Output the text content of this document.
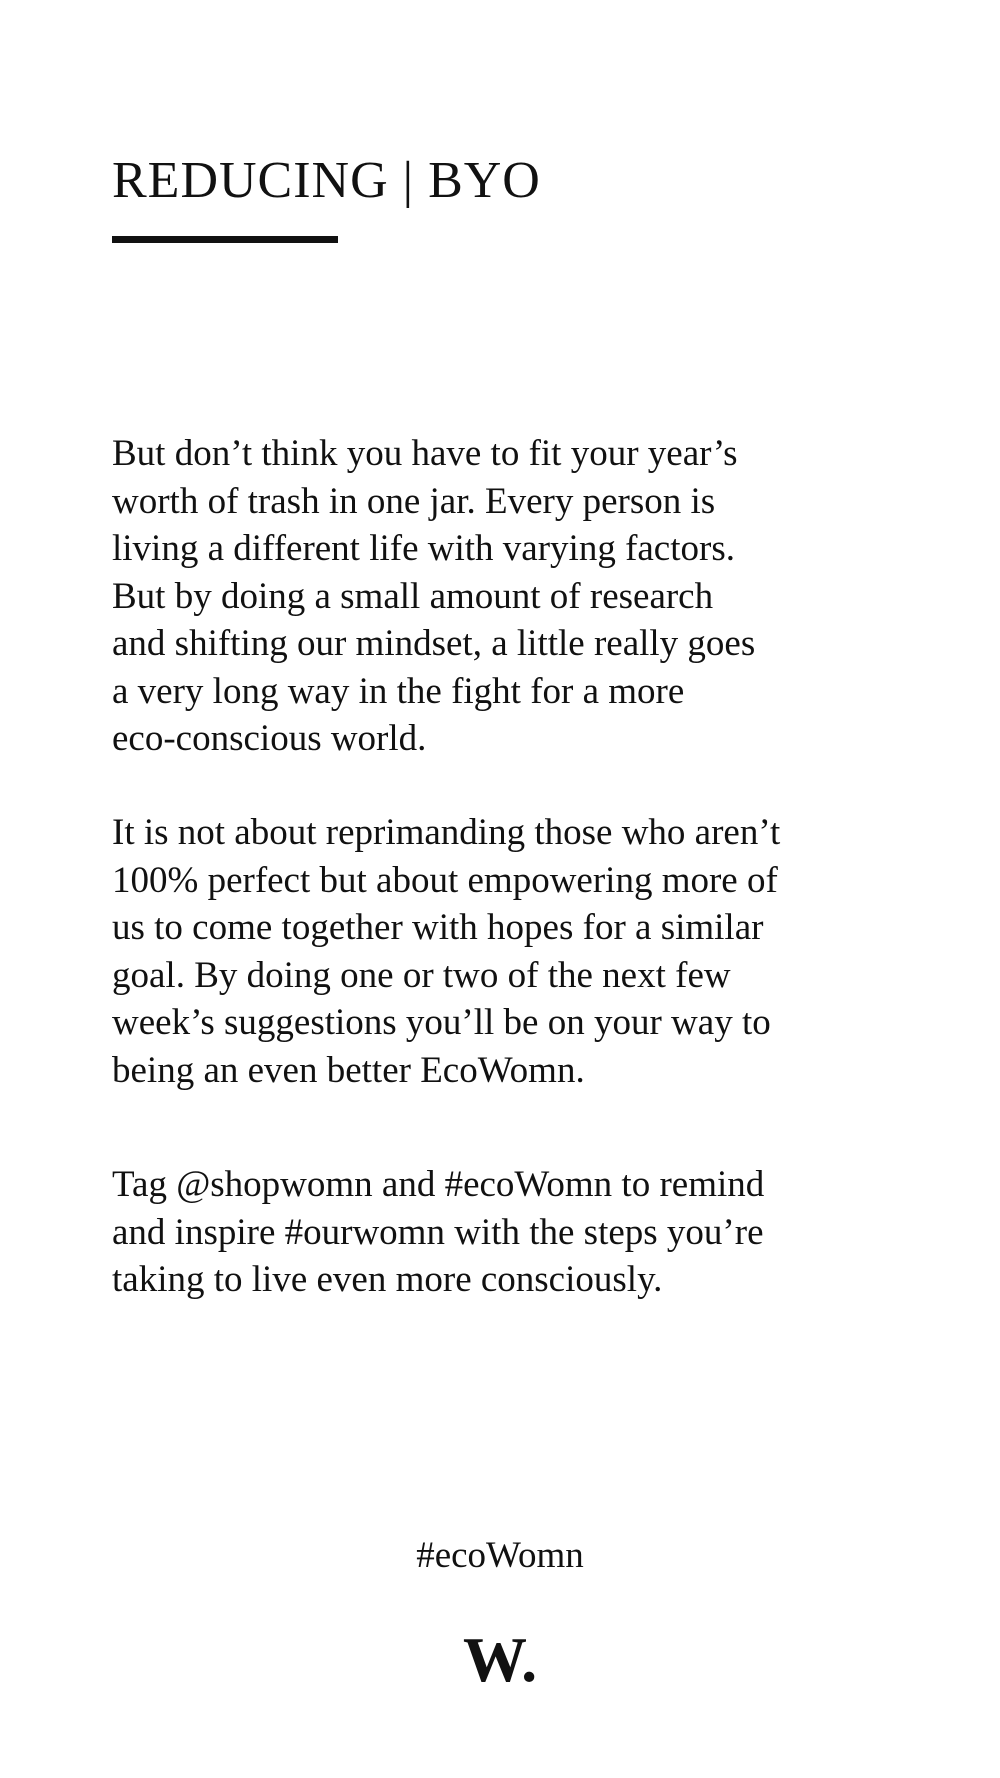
REDUCING | BYO

But don’t think you have to fit your year’s
worth of trash in one jar. Every person is
living a different life with varying factors.
But by doing a small amount of research
and shifting our mindset, a little really goes
a very long way in the fight for a more
eco-conscious world.

It is not about reprimanding those who aren’t
100% perfect but about empowering more of
us to come together with hopes for a similar
goal. By doing one or two of the next few
week’s suggestions you’ll be on your way to
being an even better EcoWomn.

Tag @shopwomn and #ecoWomn to remind
and inspire #ourwomn with the steps you’re
taking to live even more consciously.

#ecoWomn
W.
